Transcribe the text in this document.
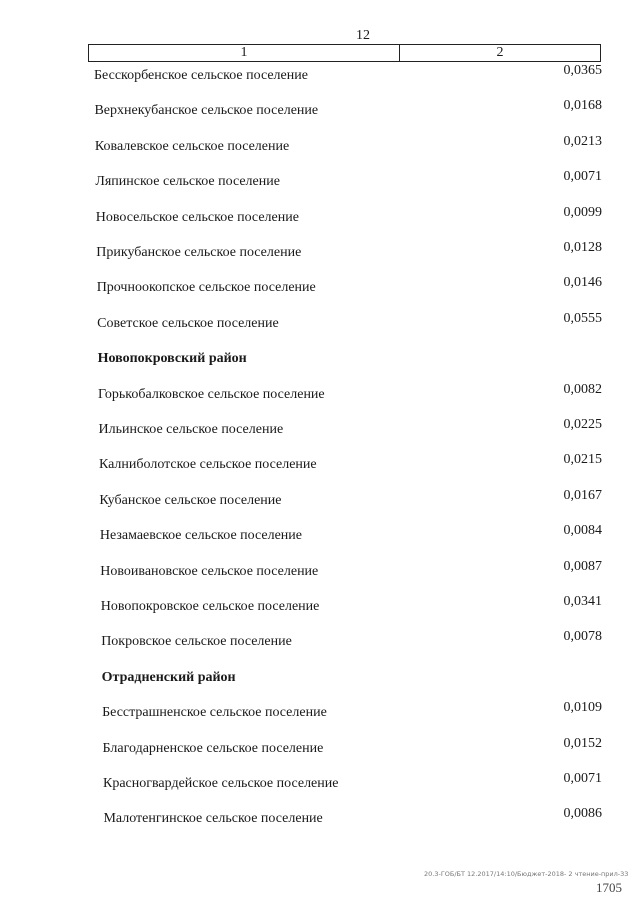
12
1	2
Бесскорбенское сельское поселение	0,0365
Верхнекубанское сельское поселение	0,0168
Ковалевское сельское поселение	0,0213
Ляпинское сельское поселение	0,0071
Новосельское сельское поселение	0,0099
Прикубанское сельское поселение	0,0128
Прочноокопское сельское поселение	0,0146
Советское сельское поселение	0,0555
Новопокровский район
Горькобалковское сельское поселение	0,0082
Ильинское сельское поселение	0,0225
Калниболотское сельское поселение	0,0215
Кубанское сельское поселение	0,0167
Незамаевское сельское поселение	0,0084
Новоивановское сельское поселение	0,0087
Новопокровское сельское поселение	0,0341
Покровское сельское поселение	0,0078
Отрадненский район
Бесстрашненское сельское поселение	0,0109
Благодарненское сельское поселение	0,0152
Красногвардейское сельское поселение	0,0071
Малотенгинское сельское поселение	0,0086
20.3-ГОБ/БТ 12.2017/14:10/Бюджет-2018- 2 чтение-прил-33
1705
